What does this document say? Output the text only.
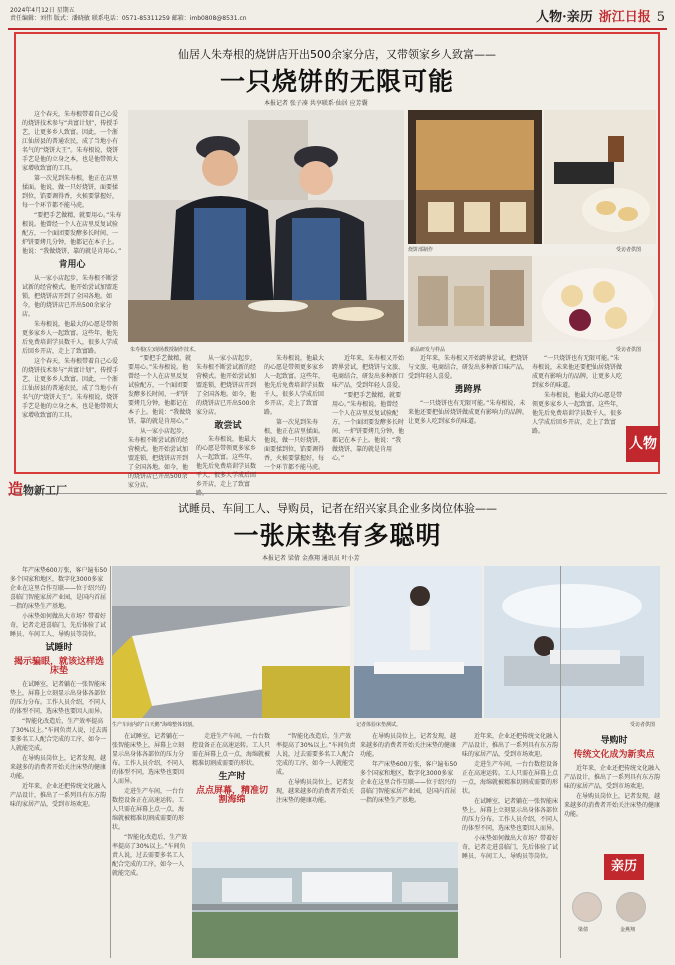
2024年4月12日 星期五
责任编辑：刘伟 版式：潘晓敏 联系电话：0571-85311259 邮箱：imb0808@8531.cn	人物·亲历 浙江日报 5
仙居人朱寿根的烧饼店开出500余家分店，又带领家乡人致富——
一只烧饼的无限可能
本报记者 张子凑 共享联系·仙居 应芳囊

这个春天，朱寿根带着自己心爱的烧饼技术参与“共富计划”，传授手艺，让更多乡人致富。因此，一个浙江仙居县的普通农民，成了当地小有名气的“烧饼大王”。朱寿根说，烧饼手艺是他的立身之本，也是他带领大家增收致富的工具。

第一次见到朱寿根，他正在店里揉面。他说，做一只好烧饼，面要揉到位，馅要调得香，火候要掌握好，每一个环节都不能马虎。

“要把手艺做精，就要用心。”朱寿根说。他曾经一个人在店里反复试验配方，一个面团要发酵多长时间、一炉饼要烤几分钟，他都记在本子上。他说：“我做烧饼，靠的就是肯用心。”

肯用心

从一家小店起步，朱寿根不断尝试新的经营模式。他开始尝试加盟连锁，把烧饼店开到了全国各地。如今，他的烧饼店已开出500余家分店。

朱寿根说，他最大的心愿是带领更多家乡人一起致富。这些年，他先后免费培训学员数千人，很多人学成后回乡开店，走上了致富路。

这个春天，朱寿根带着自己心爱的烧饼技术参与“共富计划”，传授手艺，让更多乡人致富。因此，一个浙江仙居县的普通农民，成了当地小有名气的“烧饼大王”。朱寿根说，烧饼手艺是他的立身之本，也是他带领大家增收致富的工具。

朱寿根(左)现场教授制作技术。
烧饼部制作	受访者供图
新品研发与样品	受访者供图

“要把手艺做精，就要用心。”朱寿根说。他曾经一个人在店里反复试验配方，一个面团要发酵多长时间、一炉饼要烤几分钟，他都记在本子上。他说：“我做烧饼，靠的就是肯用心。”

从一家小店起步，朱寿根不断尝试新的经营模式。他开始尝试加盟连锁，把烧饼店开到了全国各地。如今，他的烧饼店已开出500余家分店。

从一家小店起步，朱寿根不断尝试新的经营模式。他开始尝试加盟连锁，把烧饼店开到了全国各地。如今，他的烧饼店已开出500余家分店。

敢尝试

朱寿根说，他最大的心愿是带领更多家乡人一起致富。这些年，他先后免费培训学员数千人，很多人学成后回乡开店，走上了致富路。

朱寿根说，他最大的心愿是带领更多家乡人一起致富。这些年，他先后免费培训学员数千人，很多人学成后回乡开店，走上了致富路。

第一次见到朱寿根，他正在店里揉面。他说，做一只好烧饼，面要揉到位，馅要调得香，火候要掌握好，每一个环节都不能马虎。

近年来，朱寿根又开始跨界尝试，把烧饼与文旅、电商结合，研发出多种新口味产品，受到年轻人喜爱。

“要把手艺做精，就要用心。”朱寿根说。他曾经一个人在店里反复试验配方，一个面团要发酵多长时间、一炉饼要烤几分钟，他都记在本子上。他说：“我做烧饼，靠的就是肯用心。”

近年来，朱寿根又开始跨界尝试，把烧饼与文旅、电商结合，研发出多种新口味产品，受到年轻人喜爱。

勇跨界

“一只烧饼也有无限可能。”朱寿根说，未来他还要把仙居烧饼做成更有影响力的品牌，让更多人吃到家乡的味道。

“一只烧饼也有无限可能。”朱寿根说，未来他还要把仙居烧饼做成更有影响力的品牌，让更多人吃到家乡的味道。

朱寿根说，他最大的心愿是带领更多家乡人一起致富。这些年，他先后免费培训学员数千人，很多人学成后回乡开店，走上了致富路。

人物
造物新工厂
试睡员、车间工人、导购员，记者在绍兴家具企业多岗位体验——
一张床垫有多聪明
本报记者 梁倩 金燕翔 通讯员 叶小芳

年产床垫600万张，客户遍布50多个国家和地区，数字化3000多家企业在这里合作互联——位于绍兴的喜临门智能家居产业园，是国内首屈一指的床垫生产基地。

小床垫如何做出大市场？带着好奇，记者走进喜临门，先后体验了试睡员、车间工人、导购员等岗位。

试睡时
揭示骗眼，就该这样选床垫

在试睡室，记者躺在一张智能床垫上，屏幕上立刻显示出身体各部位的压力分布。工作人员介绍，不同人的体型不同，选床垫也要因人而异。

“智能化改造后，生产效率提高了30%以上。”车间负责人说，过去需要多名工人配合完成的工序，如今一人就能完成。

在导购员岗位上，记者发现，越来越多的消费者开始关注床垫的健康功能。

近年来，企业还把传统文化融入产品设计，推出了一系列具有东方韵味的家居产品，受到市场欢迎。

生产车间内的“白天鹅”海绵整体切割。	记者体验床垫测试。	受访者供图

在试睡室，记者躺在一张智能床垫上，屏幕上立刻显示出身体各部位的压力分布。工作人员介绍，不同人的体型不同，选床垫也要因人而异。

走进生产车间，一台台数控设备正在高速运转。工人只需在屏幕上点一点，海绵就被精准切割成需要的形状。

“智能化改造后，生产效率提高了30%以上。”车间负责人说，过去需要多名工人配合完成的工序，如今一人就能完成。

走进生产车间，一台台数控设备正在高速运转。工人只需在屏幕上点一点，海绵就被精准切割成需要的形状。

生产时
点点屏幕，精准切割海绵

“智能化改造后，生产效率提高了30%以上。”车间负责人说，过去需要多名工人配合完成的工序，如今一人就能完成。

在导购员岗位上，记者发现，越来越多的消费者开始关注床垫的健康功能。

在导购员岗位上，记者发现，越来越多的消费者开始关注床垫的健康功能。

年产床垫600万张，客户遍布50多个国家和地区，数字化3000多家企业在这里合作互联——位于绍兴的喜临门智能家居产业园，是国内首屈一指的床垫生产基地。

近年来，企业还把传统文化融入产品设计，推出了一系列具有东方韵味的家居产品，受到市场欢迎。

走进生产车间，一台台数控设备正在高速运转。工人只需在屏幕上点一点，海绵就被精准切割成需要的形状。

在试睡室，记者躺在一张智能床垫上，屏幕上立刻显示出身体各部位的压力分布。工作人员介绍，不同人的体型不同，选床垫也要因人而异。

小床垫如何做出大市场？带着好奇，记者走进喜临门，先后体验了试睡员、车间工人、导购员等岗位。

导购时
传统文化成为新卖点

近年来，企业还把传统文化融入产品设计，推出了一系列具有东方韵味的家居产品，受到市场欢迎。

在导购员岗位上，记者发现，越来越多的消费者开始关注床垫的健康功能。

亲历
梁倩	金燕翔
